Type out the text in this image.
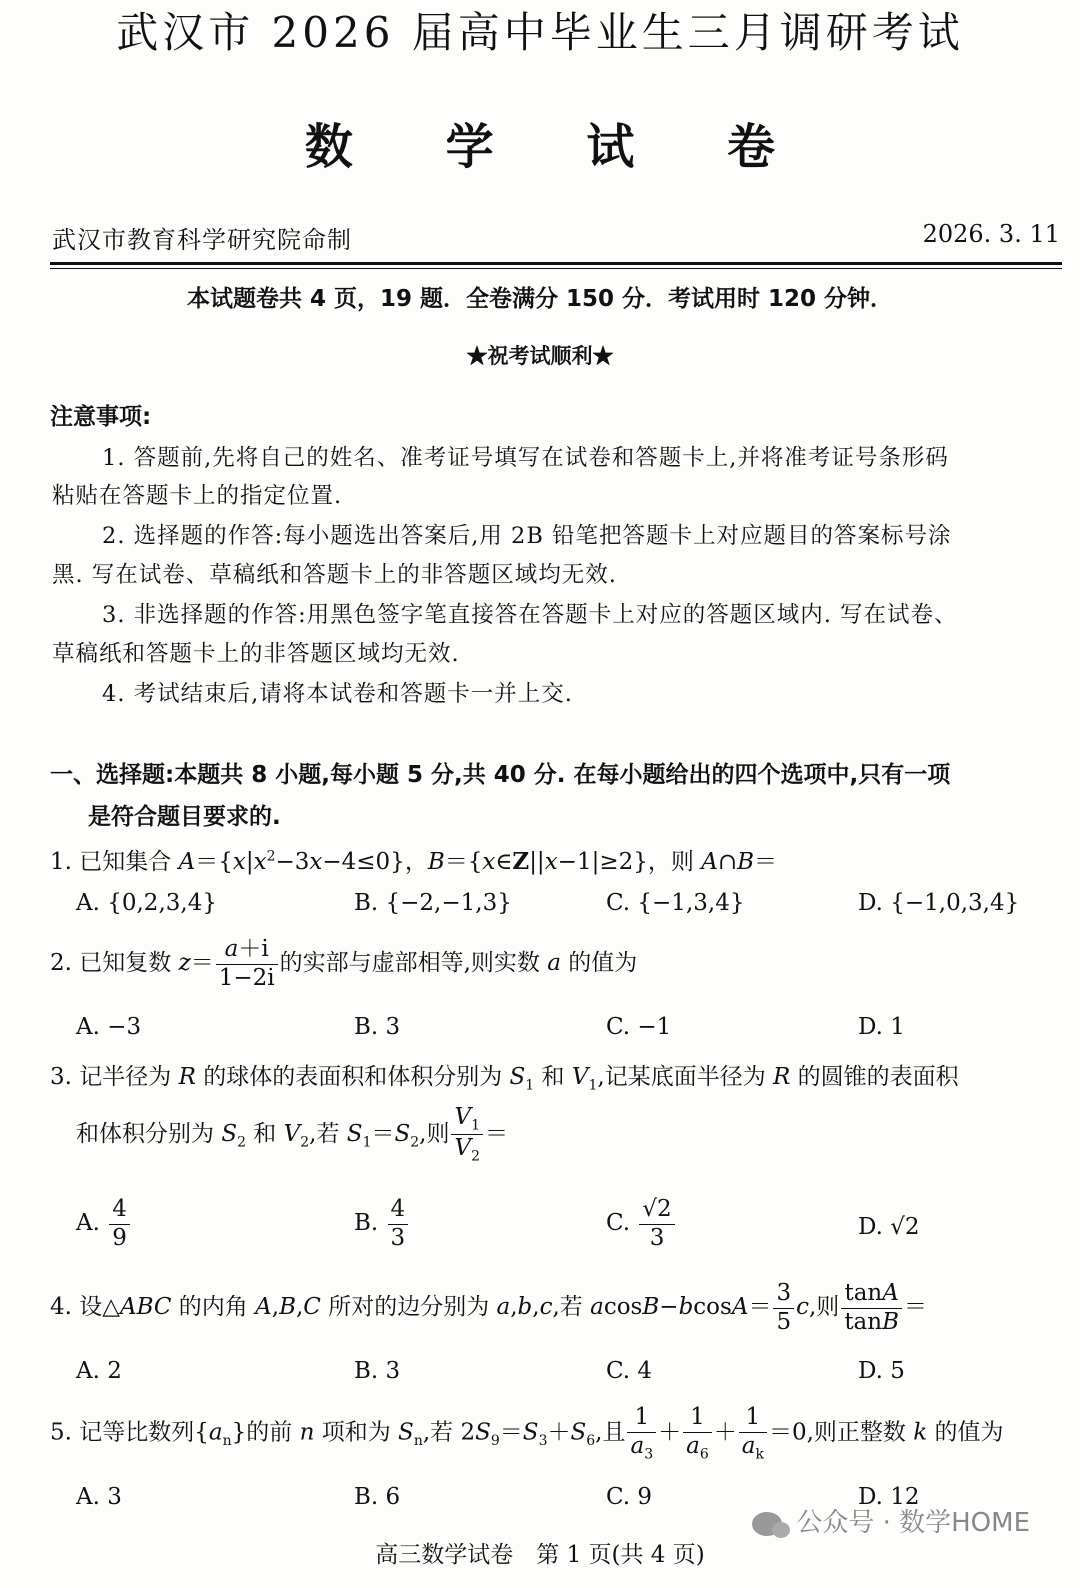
武汉市 2026 届高中毕业生三月调研考试
数 学 试 卷
武汉市教育科学研究院命制	2026. 3. 11
本试题卷共 4 页，19 题．全卷满分 150 分．考试用时 120 分钟．
★祝考试顺利★
注意事项:
1. 答题前,先将自己的姓名、准考证号填写在试卷和答题卡上,并将准考证号条形码
粘贴在答题卡上的指定位置.
2. 选择题的作答:每小题选出答案后,用 2B 铅笔把答题卡上对应题目的答案标号涂
黑. 写在试卷、草稿纸和答题卡上的非答题区域均无效.
3. 非选择题的作答:用黑色签字笔直接答在答题卡上对应的答题区域内. 写在试卷、
草稿纸和答题卡上的非答题区域均无效.
4. 考试结束后,请将本试卷和答题卡一并上交.
一、选择题:本题共 8 小题,每小题 5 分,共 40 分. 在每小题给出的四个选项中,只有一项
是符合题目要求的.
1. 已知集合 $A=\{x|x^2-3x-4\le 0\}$，B＝{x∈Z||x−1|≥2}，则 A∩B＝
A. {0,2,3,4}	B. {−2,−1,3}	C. {−1,3,4}	D. {−1,0,3,4}
2. 已知复数 $z= \frac{a+i}{1-2i}$ 的实部与虚部相等,则实数 a 的值为
A. −3	B. 3	C. −1	D. 1
3. 记半径为 R 的球体的表面积和体积分别为 $S_1$ 和 $V_1$,记某底面半径为 R 的圆锥的表面积
和体积分别为 $S_2$ 和 $V_2$,若 $S_1=S_2$,则 $\frac{V_1}{V_2}$ ＝
A. $\frac{4}{9}$	B. $\frac{4}{3}$	C. $\frac{√2}{3}$	D. √2
4. 设△ABC 的内角 A,B,C 所对的边分别为 a,b,c,若 $acosB-bcosA= \frac{3}{5} c$,则 $\frac{\tan A}{\tan B}$ ＝
A. 2	B. 3	C. 4	D. 5
5. 记等比数列$\{a_n\}$的前 n 项和为 $S_n$,若 $2S_9=S_3+S_6$,且 $\frac{1}{a_3} + \frac{1}{a_6} + \frac{1}{a_k} =0$,则正整数 k 的值为
A. 3	B. 6	C. 9	D. 12
公众号 · 数学HOME
高三数学试卷　第 1 页(共 4 页)
